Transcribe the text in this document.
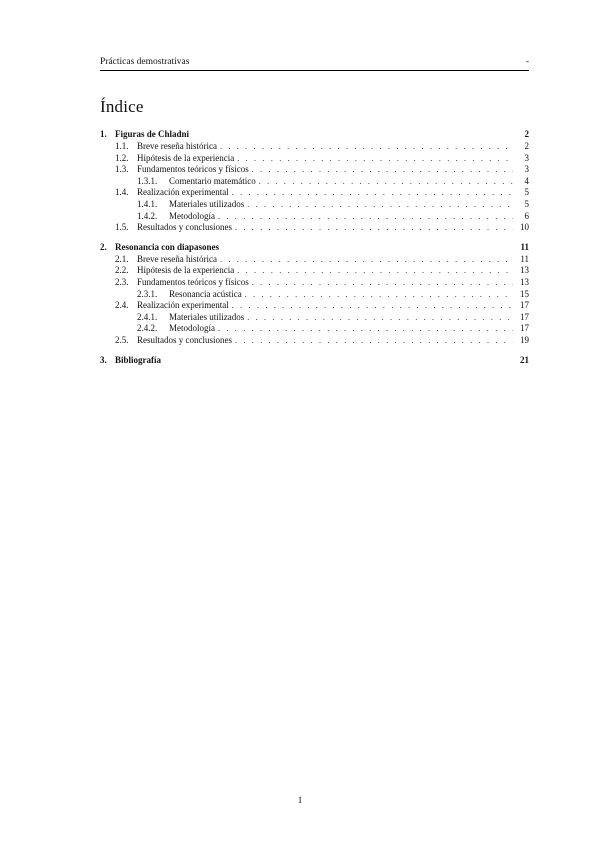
Prácticas demostrativas	-
Índice
1. Figuras de Chladni	2
1.1. Breve reseña histórica . . .	2
1.2. Hipótesis de la experiencia . . .	3
1.3. Fundamentos teóricos y físicos . . .	3
1.3.1.	Comentario matemático . . .	4
1.4. Realización experimental . . .	5
1.4.1.	Materiales utilizados . . .	5
1.4.2.	Metodología . . .	6
1.5. Resultados y conclusiones . . .	10
2. Resonancia con diapasones	11
2.1. Breve reseña histórica . . .	11
2.2. Hipótesis de la experiencia . . .	13
2.3. Fundamentos teóricos y físicos . . .	13
2.3.1.	Resonancia acústica . . .	15
2.4. Realización experimental . . .	17
2.4.1.	Materiales utilizados . . .	17
2.4.2.	Metodología . . .	17
2.5. Resultados y conclusiones . . .	19
3. Bibliografía	21
1
